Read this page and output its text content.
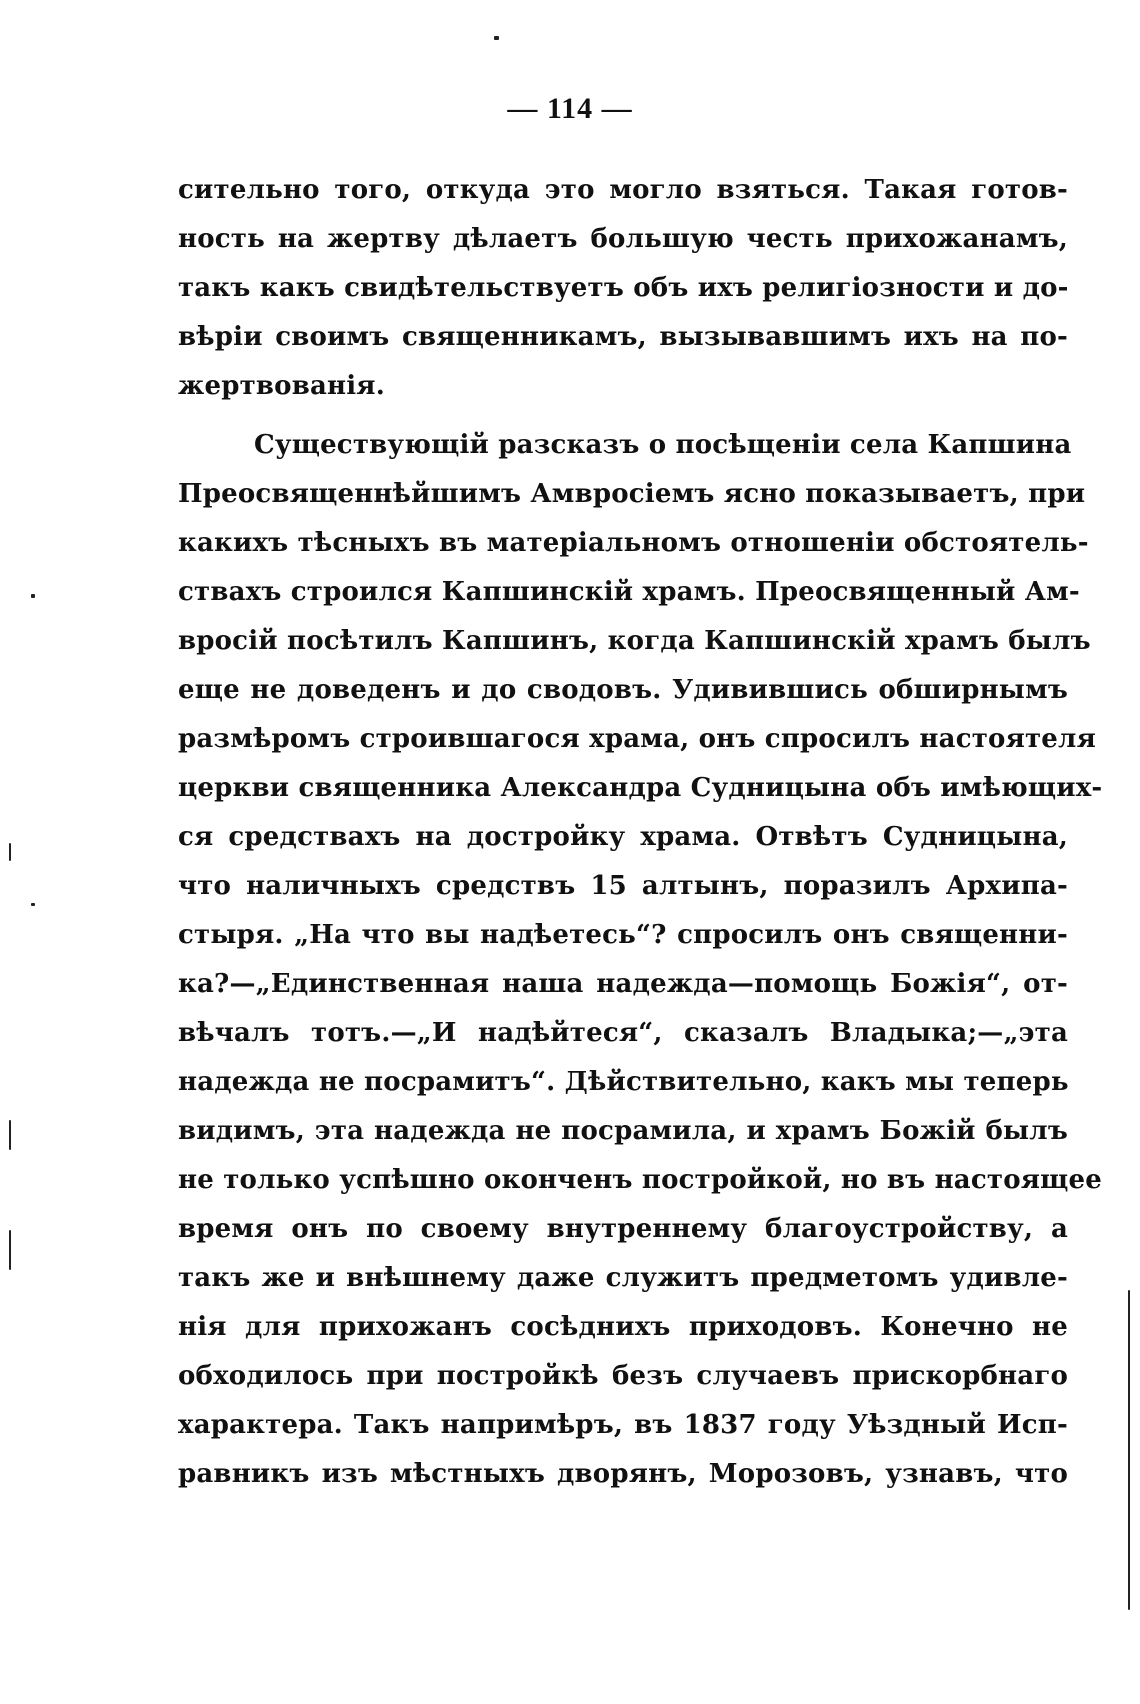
— 114 —
ситeльно того, откуда это могло взяться. Такая готов-
ность на жертву дѣлаетъ большую честь прихожанамъ,
такъ какъ свидѣтельствуетъ объ ихъ религіозности и до-
вѣріи своимъ священникамъ, вызывавшимъ ихъ на по-
жертвованія.
Существующій разсказъ о посѣщеніи села Капшина
Преосвященнѣйшимъ Амвросіемъ ясно показываетъ, при
какихъ тѣсныхъ въ матеріальномъ отношеніи обстоятель-
ствахъ строился Капшинскій храмъ. Преосвященный Ам-
вросій посѣтилъ Капшинъ, когда Капшинскій храмъ былъ
еще не доведенъ и до сводовъ. Удивившись обширнымъ
размѣромъ строившагося храма, онъ спросилъ настоятеля
церкви священника Александра Судницына объ имѣющих-
ся средствахъ на достройку храма. Отвѣтъ Судницына,
что наличныхъ средствъ 15 алтынъ, поразилъ Архипа-
стыря. „На что вы надѣетесь“? спросилъ онъ священни-
ка?—„Единственная наша надежда—помощь Божія“, от-
вѣчалъ тотъ.—„И надѣйтеся“, сказалъ Владыка;—„эта
надежда не посрамитъ“. Дѣйствительно, какъ мы теперь
видимъ, эта надежда не посрамила, и храмъ Божій былъ
не только успѣшно оконченъ постройкой, но въ настоящее
время онъ по своему внутреннему благоустройству, а
такъ же и внѣшнему даже служитъ предметомъ удивле-
нія для прихожанъ сосѣднихъ приходовъ. Конечно не
обходилось при постройкѣ безъ случаевъ прискорбнаго
характера. Такъ напримѣръ, въ 1837 году Уѣздный Исп-
равникъ изъ мѣстныхъ дворянъ, Морозовъ, узнавъ, что
